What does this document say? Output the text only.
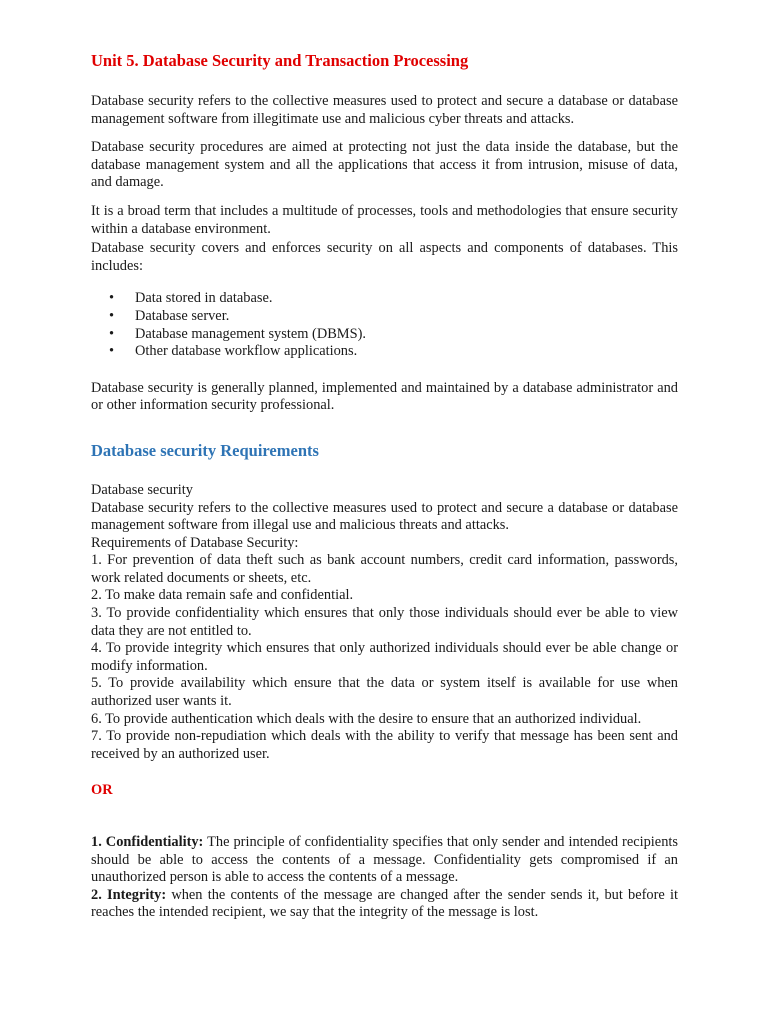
Unit 5. Database Security and Transaction Processing

Database security refers to the collective measures used to protect and secure a database or database management software from illegitimate use and malicious cyber threats and attacks.

Database security procedures are aimed at protecting not just the data inside the database, but the database management system and all the applications that access it from intrusion, misuse of data, and damage.

It is a broad term that includes a multitude of processes, tools and methodologies that ensure security within a database environment.

Database security covers and enforces security on all aspects and components of databases. This includes:

•	Data stored in database.
•	Database server.
•	Database management system (DBMS).
•	Other database workflow applications.

Database security is generally planned, implemented and maintained by a database administrator and or other information security professional.

Database security Requirements
Database security
Database security refers to the collective measures used to protect and secure a database or database management software from illegal use and malicious threats and attacks.
Requirements of Database Security:
1. For prevention of data theft such as bank account numbers, credit card information, passwords, work related documents or sheets, etc.
2. To make data remain safe and confidential.
3. To provide confidentiality which ensures that only those individuals should ever be able to view data they are not entitled to.
4. To provide integrity which ensures that only authorized individuals should ever be able change or modify information.
5. To provide availability which ensure that the data or system itself is available for use when authorized user wants it.
6. To provide authentication which deals with the desire to ensure that an authorized individual.
7. To provide non-repudiation which deals with the ability to verify that message has been sent and received by an authorized user.
OR
1. Confidentiality: The principle of confidentiality specifies that only sender and intended recipients should be able to access the contents of a message. Confidentiality gets compromised if an unauthorized person is able to access the contents of a message.
2. Integrity: when the contents of the message are changed after the sender sends it, but before it reaches the intended recipient, we say that the integrity of the message is lost.
